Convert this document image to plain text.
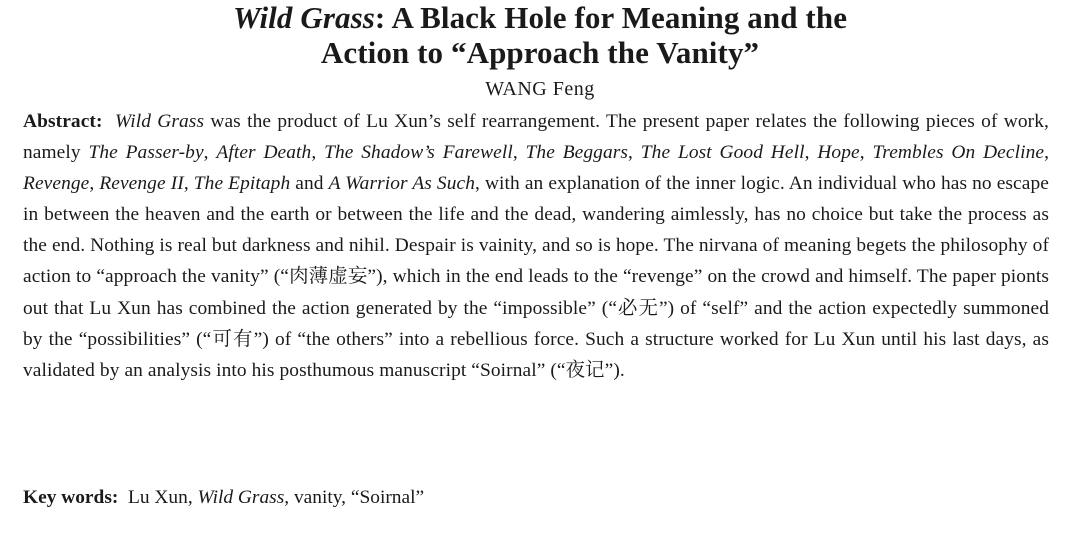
Wild Grass: A Black Hole for Meaning and the
Action to “Approach the Vanity”
WANG Feng
Abstract: Wild Grass was the product of Lu Xun’s self rearrangement. The present paper relates the following pieces of work, namely The Passer-by, After Death, The Shadow’s Farewell, The Beggars, The Lost Good Hell, Hope, Trembles On Decline, Revenge, Revenge II, The Epitaph and A Warrior As Such, with an explanation of the inner logic. An individual who has no escape in between the heaven and the earth or between the life and the dead, wandering aimlessly, has no choice but take the process as the end. Nothing is real but darkness and nihil. Despair is vainity, and so is hope. The nirvana of meaning begets the philosophy of action to “approach the vanity” (“肉薄虚妄”), which in the end leads to the “revenge” on the crowd and himself. The paper pionts out that Lu Xun has combined the action generated by the “impossible” (“必无”) of “self” and the action expectedly summoned by the “possibilities” (“可有”) of “the others” into a rebellious force. Such a structure worked for Lu Xun until his last days, as validated by an analysis into his posthumous manuscript “Soirnal” (“夜记”).
Key words: Lu Xun, Wild Grass, vanity, “Soirnal”
